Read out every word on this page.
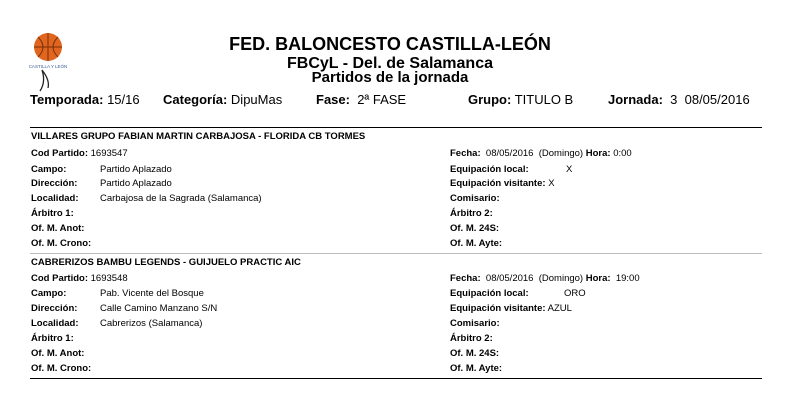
CASTILLA Y LEÓN
FED. BALONCESTO CASTILLA-LEÓN
FBCyL - Del. de Salamanca
Partidos de la jornada
Temporada: 15/16 Categoría: DipuMas	Fase: 2ª FASE	Grupo: TITULO B	Jornada: 3 08/05/2016
VILLARES GRUPO FABIAN MARTIN CARBAJOSA - FLORIDA CB TORMES
Cod Partido: 1693547	Fecha: 08/05/2016 (Domingo) Hora: 0:00
Campo:	Partido Aplazado	Equipación local:	X
Dirección: Partido Aplazado	Equipación visitante: X
Localidad: Carbajosa de la Sagrada (Salamanca)	Comisario:
Árbitro 1:	Árbitro 2:
Of. M. Anot:	Of. M. 24S:
Of. M. Crono:	Of. M. Ayte:
CABRERIZOS BAMBU LEGENDS - GUIJUELO PRACTIC AIC
Cod Partido: 1693548	Fecha: 08/05/2016 (Domingo) Hora: 19:00
Campo:	Pab. Vicente del Bosque	Equipación local:	ORO
Dirección: Calle Camino Manzano S/N	Equipación visitante: AZUL
Localidad: Cabrerizos (Salamanca)	Comisario:
Árbitro 1:	Árbitro 2:
Of. M. Anot:	Of. M. 24S:
Of. M. Crono:	Of. M. Ayte:
